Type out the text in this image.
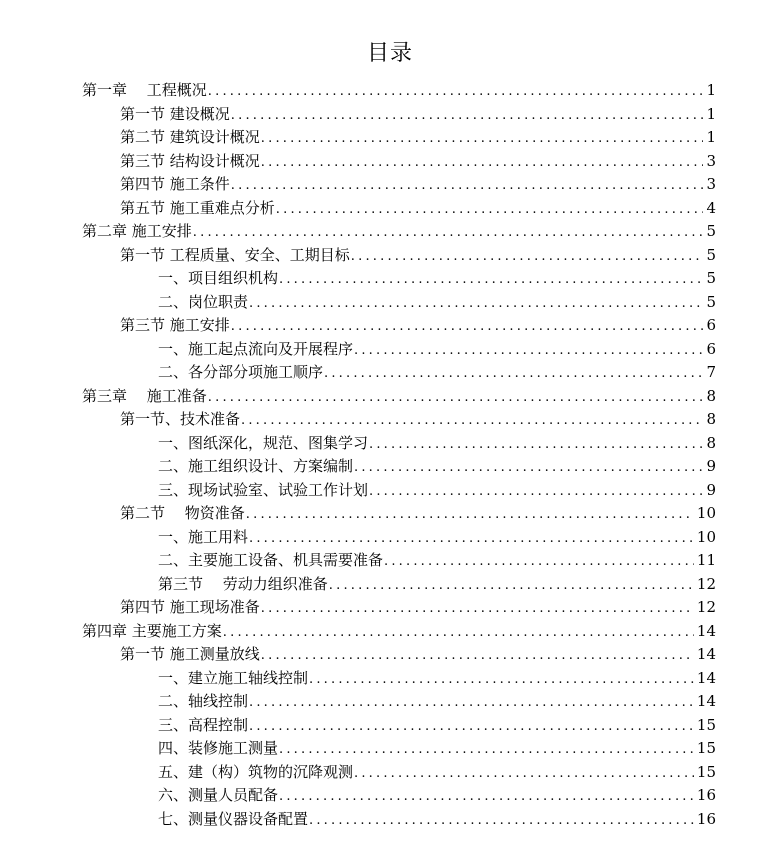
目录
第一章　 工程概况 .....	1
第一节 建设概况 .....	1
第二节 建筑设计概况 .....	1
第三节 结构设计概况 .....	3
第四节 施工条件 .....	3
第五节 施工重难点分析 .....	4
第二章 施工安排 .....	5
第一节 工程质量、安全、工期目标 .....	5
一、项目组织机构 .....	5
二、岗位职责 .....	5
第三节 施工安排 .....	6
一、施工起点流向及开展程序 .....	6
二、各分部分项施工顺序 .....	7
第三章　 施工准备 .....	8
第一节、技术准备 .....	8
一、图纸深化，规范、图集学习 .....	8
二、施工组织设计、方案编制 .....	9
三、现场试验室、试验工作计划 .....	9
第二节　 物资准备 .....	10
一、施工用料 .....	10
二、主要施工设备、机具需要准备 .....	11
第三节　 劳动力组织准备 .....	12
第四节 施工现场准备 .....	12
第四章 主要施工方案 .....	14
第一节 施工测量放线 .....	14
一、建立施工轴线控制 .....	14
二、轴线控制 .....	14
三、高程控制 .....	15
四、装修施工测量 .....	15
五、建（构）筑物的沉降观测 .....	15
六、测量人员配备 .....	16
七、测量仪器设备配置 .....	16
